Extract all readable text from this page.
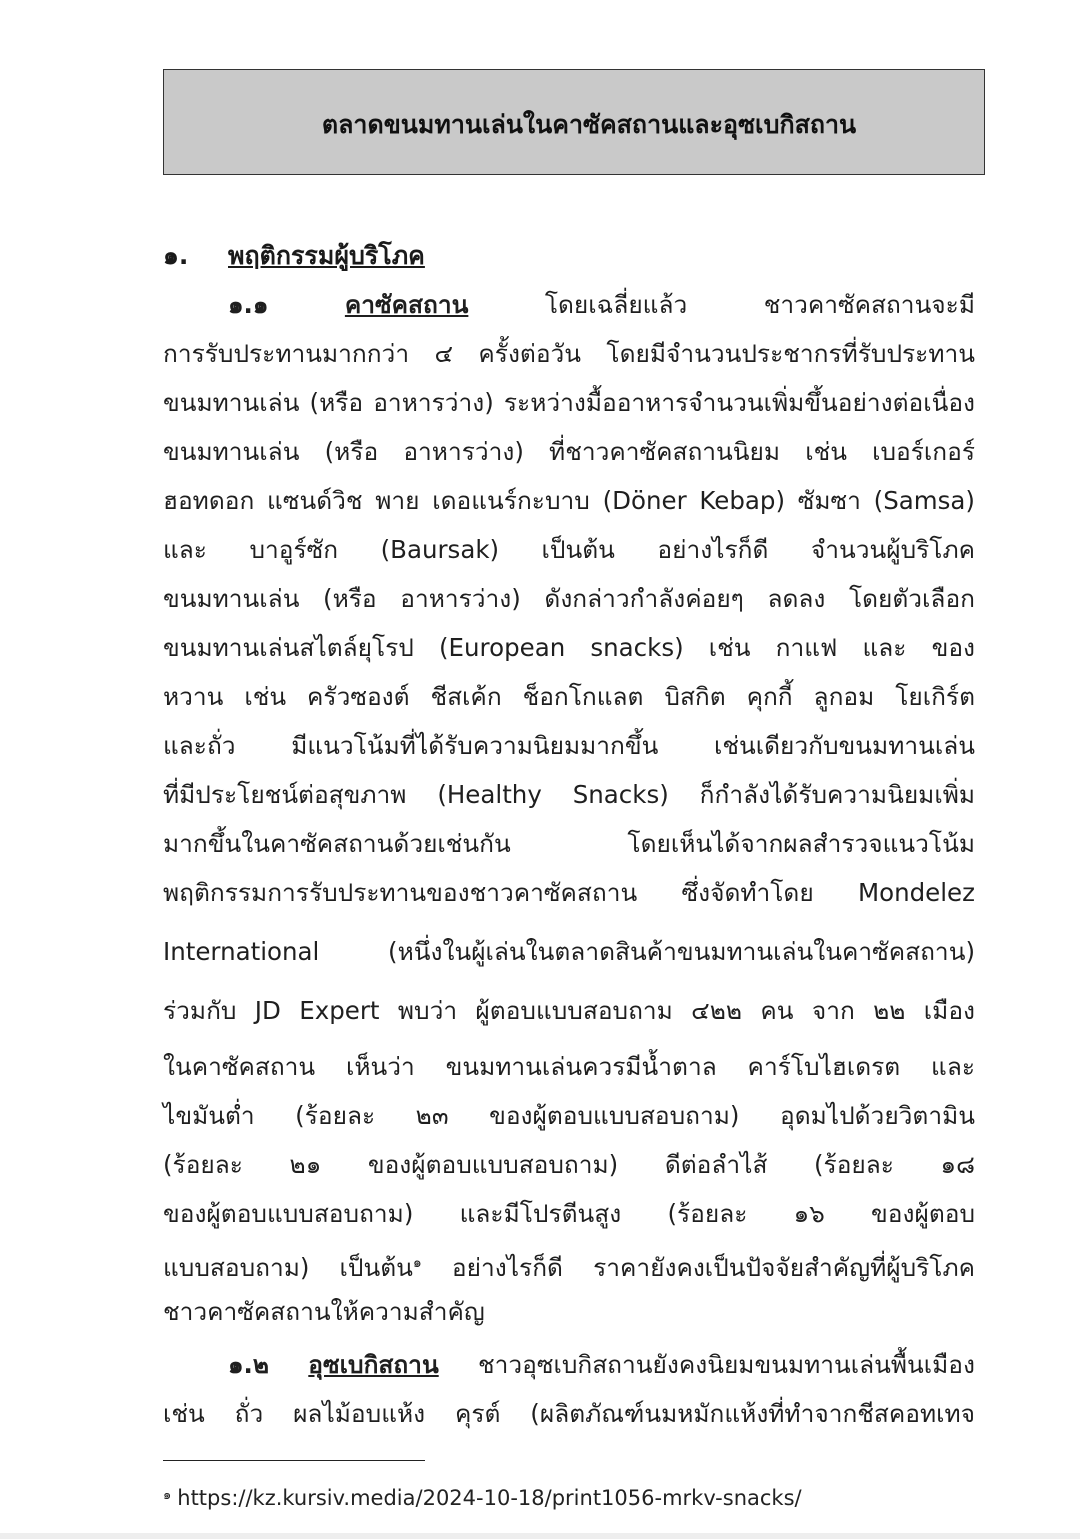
ตลาดขนมทานเล่นในคาซัคสถานและอุซเบกิสถาน
๑. พฤติกรรมผู้บริโภค
๑.๑	คาซัคสถาน	โดยเฉลี่ยแล้ว ชาวคาซัคสถานจะมี
การรับประทานมากกว่า ๔ ครั้งต่อวัน โดยมีจำนวนประชากรที่รับประทาน
ขนมทานเล่น (หรือ อาหารว่าง) ระหว่างมื้ออาหารจำนวนเพิ่มขึ้นอย่างต่อเนื่อง
ขนมทานเล่น (หรือ อาหารว่าง) ที่ชาวคาซัคสถานนิยม เช่น เบอร์เกอร์
ฮอทดอก แซนด์วิช พาย เดอแนร์กะบาบ (Döner Kebap) ซัมซา (Samsa)
และ บาอูร์ซัก (Baursak) เป็นต้น อย่างไรก็ดี จำนวนผู้บริโภค
ขนมทานเล่น (หรือ อาหารว่าง) ดังกล่าวกำลังค่อยๆ ลดลง โดยตัวเลือก
ขนมทานเล่นสไตล์ยุโรป (European snacks) เช่น กาแฟ และ ของ
หวาน เช่น ครัวซองต์ ชีสเค้ก ช็อกโกแลต บิสกิต คุกกี้ ลูกอม โยเกิร์ต
และถั่ว มีแนวโน้มที่ได้รับความนิยมมากขึ้น เช่นเดียวกับขนมทานเล่น
ที่มีประโยชน์ต่อสุขภาพ (Healthy Snacks) ก็กำลังได้รับความนิยมเพิ่ม
มากขึ้นในคาซัคสถานด้วยเช่นกัน โดยเห็นได้จากผลสำรวจแนวโน้ม
พฤติกรรมการรับประทานของชาวคาซัคสถาน ซึ่งจัดทำโดย Mondelez
International (หนึ่งในผู้เล่นในตลาดสินค้าขนมทานเล่นในคาซัคสถาน)
ร่วมกับ JD Expert พบว่า ผู้ตอบแบบสอบถาม ๔๒๒ คน จาก ๒๒ เมือง
ในคาซัคสถาน เห็นว่า ขนมทานเล่นควรมีน้ำตาล คาร์โบไฮเดรต และ
ไขมันต่ำ (ร้อยละ ๒๓ ของผู้ตอบแบบสอบถาม) อุดมไปด้วยวิตามิน
(ร้อยละ ๒๑ ของผู้ตอบแบบสอบถาม) ดีต่อลำไส้ (ร้อยละ ๑๘
ของผู้ตอบแบบสอบถาม) และมีโปรตีนสูง (ร้อยละ ๑๖ ของผู้ตอบ
แบบสอบถาม) เป็นต้น$^๑$ อย่างไรก็ดี ราคายังคงเป็นปัจจัยสำคัญที่ผู้บริโภค
ชาวคาซัคสถานให้ความสำคัญ
๑.๒ อุซเบกิสถาน ชาวอุซเบกิสถานยังคงนิยมขนมทานเล่นพื้นเมือง
เช่น ถั่ว ผลไม้อบแห้ง คุรต์ (ผลิตภัณฑ์นมหมักแห้งที่ทำจากชีสคอทเทจ
$^๑$ https://kz.kursiv.media/2024-10-18/print1056-mrkv-snacks/
